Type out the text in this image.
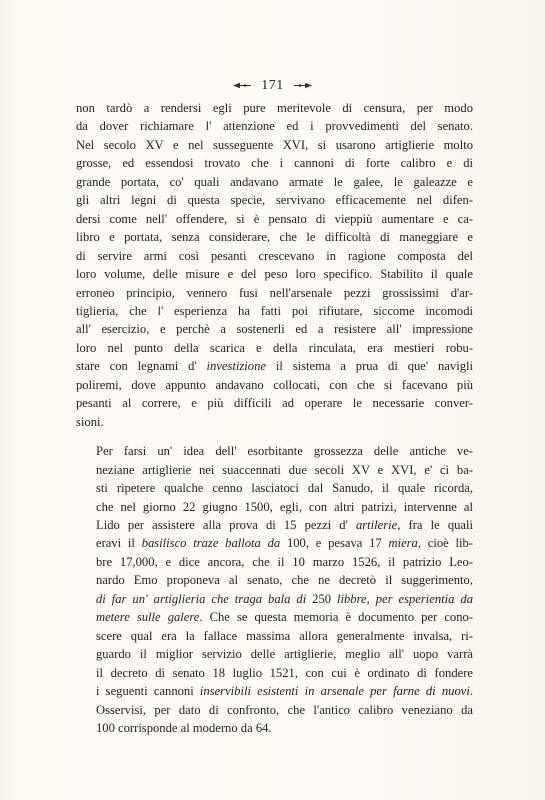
171

non tardò a rendersi egli pure meritevole di censura, per modo
da dover richiamare l' attenzione ed i provvedimenti del senato.
Nel secolo XV e nel susseguente XVI, si usarono artiglierie molto
grosse, ed essendosi trovato che i cannoni di forte calibro e di
grande portata, co' quali andavano armate le galee, le galeazze e
gli altri legni di questa specie, servivano efficacemente nel difen-
dersi come nell' offendere, si è pensato di vieppiù aumentare e ca-
libro e portata, senza considerare, che le difficoltà di maneggiare e
di servire armi così pesanti crescevano in ragione composta del
loro volume, delle misure e del peso loro specifico. Stabilito il quale
erroneo principio, vennero fusi nell'arsenale pezzi grossissimi d'ar-
tiglieria, che l' esperienza ha fatti poi rifiutare, siccome incomodi
all' esercizio, e perchè a sostenerli ed a resistere all' impressione
loro nel punto della scarica e della rinculata, era mestieri robu-
stare con legnami d' investizione il sistema a prua di que' navigli
poliremi, dove appunto andavano collocati, con che si facevano più
pesanti al correre, e più difficili ad operare le necessarie conver-
sioni.

Per farsi un' idea dell' esorbitante grossezza delle antiche ve-
neziane artiglierie nei suaccennati due secoli XV e XVI, e' ci ba-
sti ripetere qualche cenno lasciatoci dal Sanudo, il quale ricorda,
che nel giorno 22 giugno 1500, egli, con altri patrizi, intervenne al
Lido per assistere alla prova di 15 pezzi d' artilerie, fra le quali
eravi il basilisco traze ballota da 100, e pesava 17 miera, cioè lib-
bre 17,000, e dice ancora, che il 10 marzo 1526, il patrizio Leo-
nardo Emo proponeva al senato, che ne decretò il suggerimento,
di far un' artiglieria che traga bala di 250 libbre, per esperientia da
metere sulle galere. Che se questa memoria è documento per cono-
scere qual era la fallace massima allora generalmente invalsa, ri-
guardo il miglior servizio delle artiglierie, meglio all' uopo varrà
il decreto di senato 18 luglio 1521, con cui è ordinato di fondere
i seguenti cannoni inservibili esistenti in arsenale per farne di nuovi.
Osservisi, per dato di confronto, che l'antico calibro veneziano da
100 corrisponde al moderno da 64.
